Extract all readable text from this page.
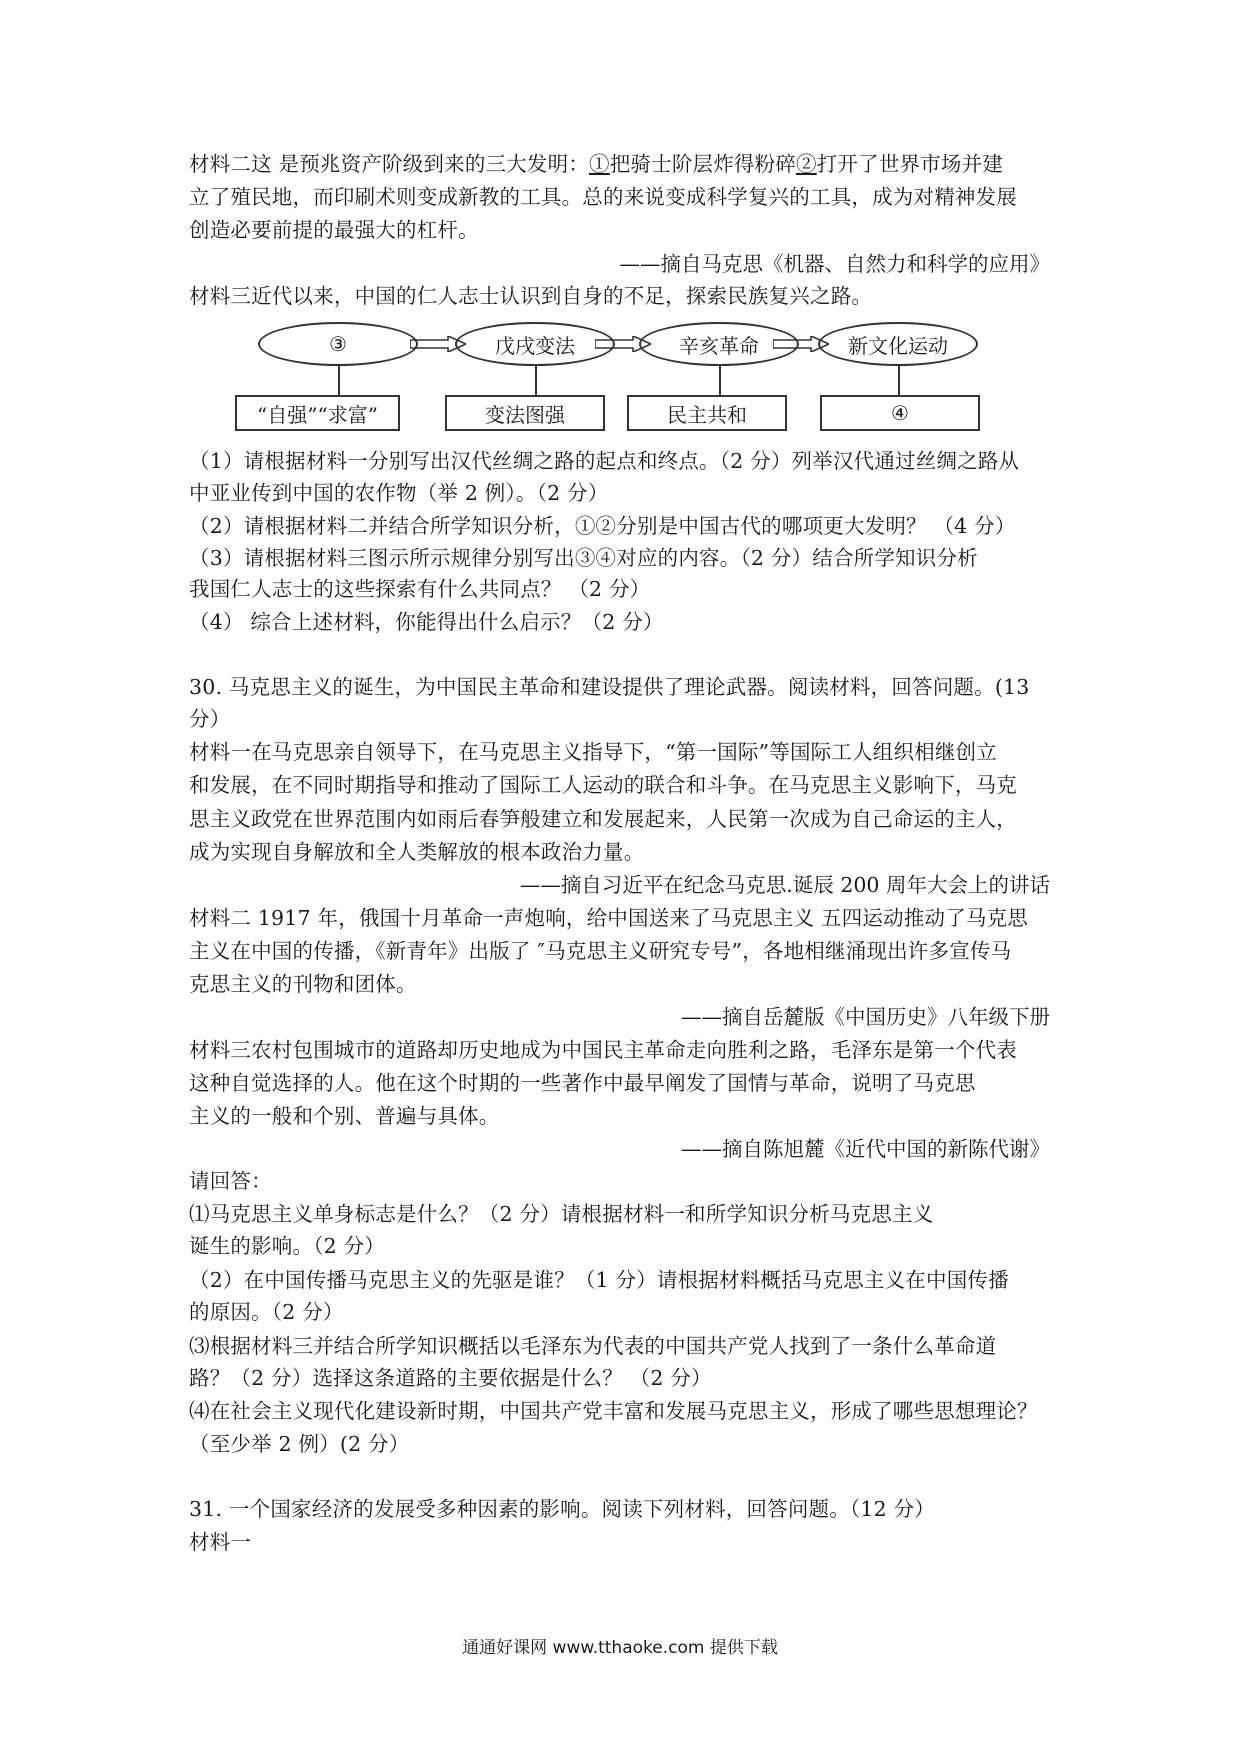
材料二这 是预兆资产阶级到来的三大发明：①把骑士阶层炸得粉碎②打开了世界市场并建
立了殖民地，而印刷术则变成新教的工具。总的来说变成科学复兴的工具，成为对精神发展
创造必要前提的最强大的杠杆。
——摘自马克思《机器、自然力和科学的应用》
材料三近代以来，中国的仁人志士认识到自身的不足，探索民族复兴之路。
③	戊戌变法	辛亥革命	新文化运动
“自强”“求富”	变法图强	民主共和	④
（1）请根据材料一分别写出汉代丝绸之路的起点和终点。（2 分）列举汉代通过丝绸之路从
中亚业传到中国的农作物（举 2 例）。（2 分）
（2）请根据材料二并结合所学知识分析，①②分别是中国古代的哪项更大发明？ （4 分）
（3）请根据材料三图示所示规律分别写出③④对应的内容。（2 分）结合所学知识分析
我国仁人志士的这些探索有什么共同点？ （2 分）
（4） 综合上述材料，你能得出什么启示？（2 分）
30. 马克思主义的诞生，为中国民主革命和建设提供了理论武器。阅读材料，回答问题。(13
分）
材料一在马克思亲自领导下，在马克思主义指导下，“第一国际”等国际工人组织相继创立
和发展，在不同时期指导和推动了国际工人运动的联合和斗争。在马克思主义影响下，马克
思主义政党在世界范围内如雨后春笋般建立和发展起来，人民第一次成为自己命运的主人，
成为实现自身解放和全人类解放的根本政治力量。
——摘自习近平在纪念马克思.诞辰 200 周年大会上的讲话
材料二 1917 年，俄国十月革命一声炮响，给中国送来了马克思主义 五四运动推动了马克思
主义在中国的传播，《新青年》出版了 ″马克思主义研究专号”，各地相继涌现出许多宣传马
克思主义的刊物和团体。
——摘自岳麓版《中国历史》八年级下册
材料三农村包围城市的道路却历史地成为中国民主革命走向胜利之路，毛泽东是第一个代表
这种自觉选择的人。他在这个时期的一些著作中最早阐发了国情与革命，说明了马克思
主义的一般和个别、普遍与具体。
——摘自陈旭麓《近代中国的新陈代谢》
请回答：
⑴马克思主义单身标志是什么？（2 分）请根据材料一和所学知识分析马克思主义
诞生的影响。（2 分）
（2）在中国传播马克思主义的先驱是谁？（1 分）请根据材料概括马克思主义在中国传播
的原因。（2 分）
⑶根据材料三并结合所学知识概括以毛泽东为代表的中国共产党人找到了一条什么革命道
路？（2 分）选择这条道路的主要依据是什么？ （2 分）
⑷在社会主义现代化建设新时期，中国共产党丰富和发展马克思主义，形成了哪些思想理论？
（至少举 2 例）(2 分）
31. 一个国家经济的发展受多种因素的影响。阅读下列材料，回答问题。（12 分）
材料一
通通好课网 www.tthaoke.com 提供下载
